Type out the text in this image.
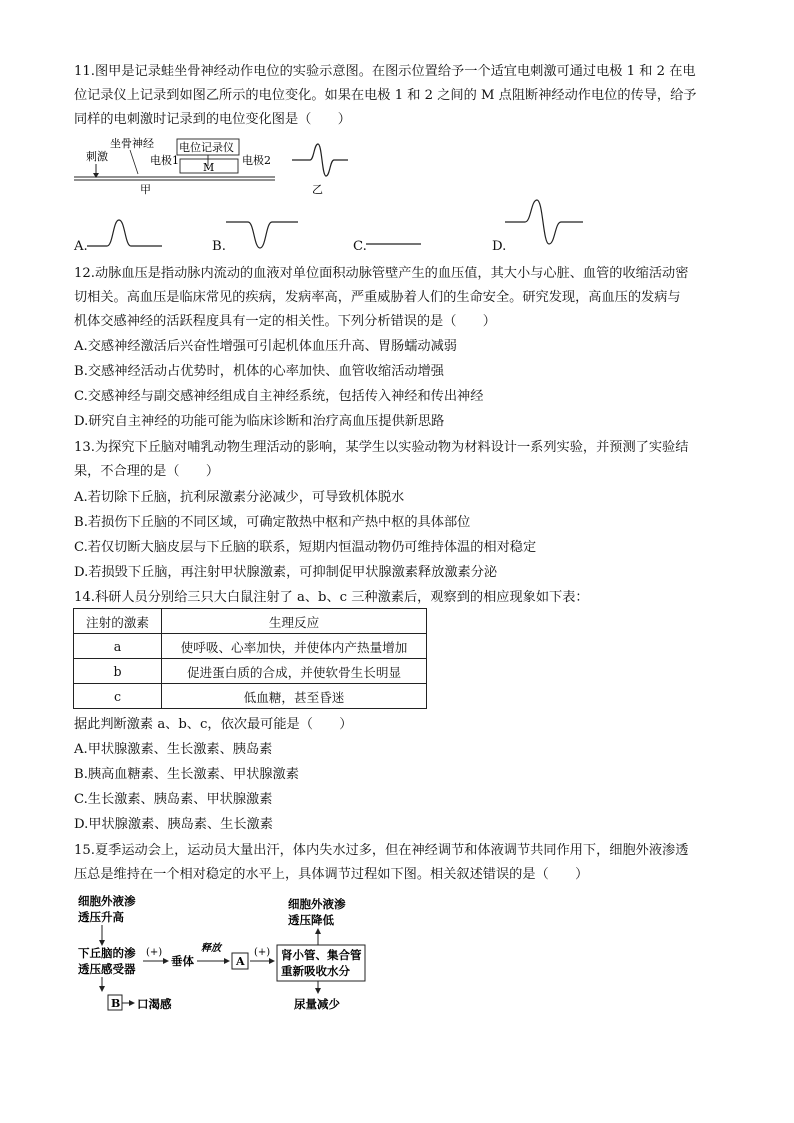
11.图甲是记录蛙坐骨神经动作电位的实验示意图。在图示位置给予一个适宜电刺激可通过电极 1 和 2 在电
位记录仪上记录到如图乙所示的电位变化。如果在电极 1 和 2 之间的 M 点阻断神经动作电位的传导，给予
同样的电刺激时记录到的电位变化图是（　　）
坐骨神经 电位记录仪
刺激	电极1	电极2
M
甲	乙
A.	B.	C.	D.
12.动脉血压是指动脉内流动的血液对单位面积动脉管壁产生的血压值，其大小与心脏、血管的收缩活动密
切相关。高血压是临床常见的疾病，发病率高，严重威胁着人们的生命安全。研究发现，高血压的发病与
机体交感神经的活跃程度具有一定的相关性。下列分析错误的是（　　）
A.交感神经激活后兴奋性增强可引起机体血压升高、胃肠蠕动减弱
B.交感神经活动占优势时，机体的心率加快、血管收缩活动增强
C.交感神经与副交感神经组成自主神经系统，包括传入神经和传出神经
D.研究自主神经的功能可能为临床诊断和治疗高血压提供新思路
13.为探究下丘脑对哺乳动物生理活动的影响，某学生以实验动物为材料设计一系列实验，并预测了实验结
果，不合理的是（　　）
A.若切除下丘脑，抗利尿激素分泌减少，可导致机体脱水
B.若损伤下丘脑的不同区域，可确定散热中枢和产热中枢的具体部位
C.若仅切断大脑皮层与下丘脑的联系，短期内恒温动物仍可维持体温的相对稳定
D.若损毁下丘脑，再注射甲状腺激素，可抑制促甲状腺激素释放激素分泌
14.科研人员分别给三只大白鼠注射了 a、b、c 三种激素后，观察到的相应现象如下表：
注射的激素	生理反应
a	使呼吸、心率加快，并使体内产热量增加
b	促进蛋白质的合成，并使软骨生长明显
c	低血糖，甚至昏迷
据此判断激素 a、b、c，依次最可能是（　　）
A.甲状腺激素、生长激素、胰岛素
B.胰高血糖素、生长激素、甲状腺激素
C.生长激素、胰岛素、甲状腺激素
D.甲状腺激素、胰岛素、生长激素
15.夏季运动会上，运动员大量出汗，体内失水过多，但在神经调节和体液调节共同作用下，细胞外液渗透
压总是维持在一个相对稳定的水平上，具体调节过程如下图。相关叙述错误的是（　　）
细胞外液渗
透压升高
下丘脑的渗
透压感受器
(+)
垂体
释放
A
(+) 肾小管、集合管
重新吸收水分
细胞外液渗
透压降低
尿量减少
B 口渴感
